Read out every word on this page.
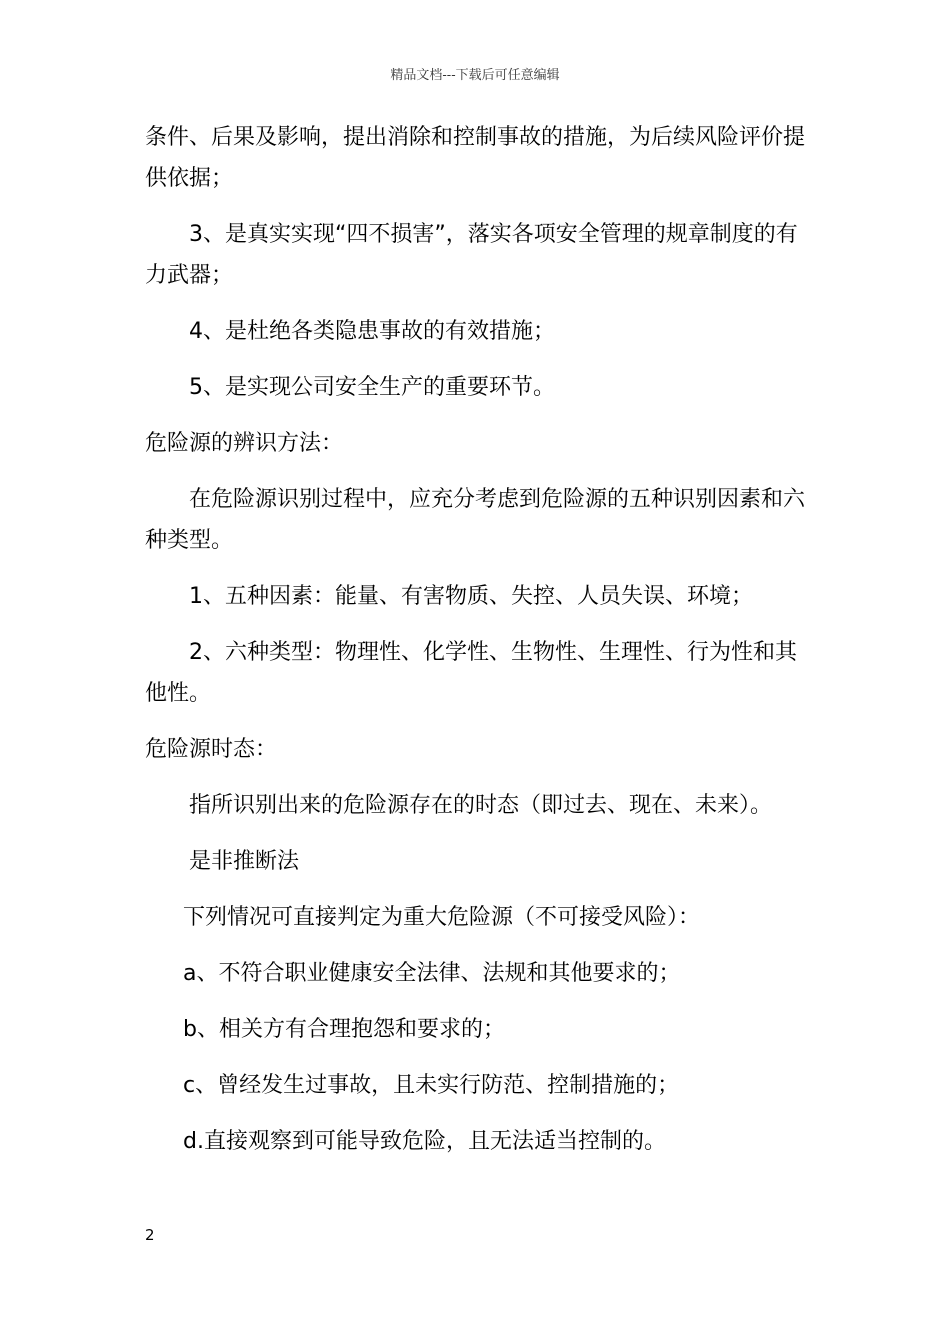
精品文档---下载后可任意编辑

条件、后果及影响，提出消除和控制事故的措施，为后续风险评价提供依据；

3、是真实实现“四不损害”，落实各项安全管理的规章制度的有力武器；

4、是杜绝各类隐患事故的有效措施；

5、是实现公司安全生产的重要环节。

危险源的辨识方法：

在危险源识别过程中，应充分考虑到危险源的五种识别因素和六种类型。

1、五种因素：能量、有害物质、失控、人员失误、环境；

2、六种类型：物理性、化学性、生物性、生理性、行为性和其他性。

危险源时态：

指所识别出来的危险源存在的时态（即过去、现在、未来）。

是非推断法

下列情况可直接判定为重大危险源（不可接受风险）：

a、不符合职业健康安全法律、法规和其他要求的；

b、相关方有合理抱怨和要求的；

c、曾经发生过事故，且未实行防范、控制措施的；

d.直接观察到可能导致危险，且无法适当控制的。

2
